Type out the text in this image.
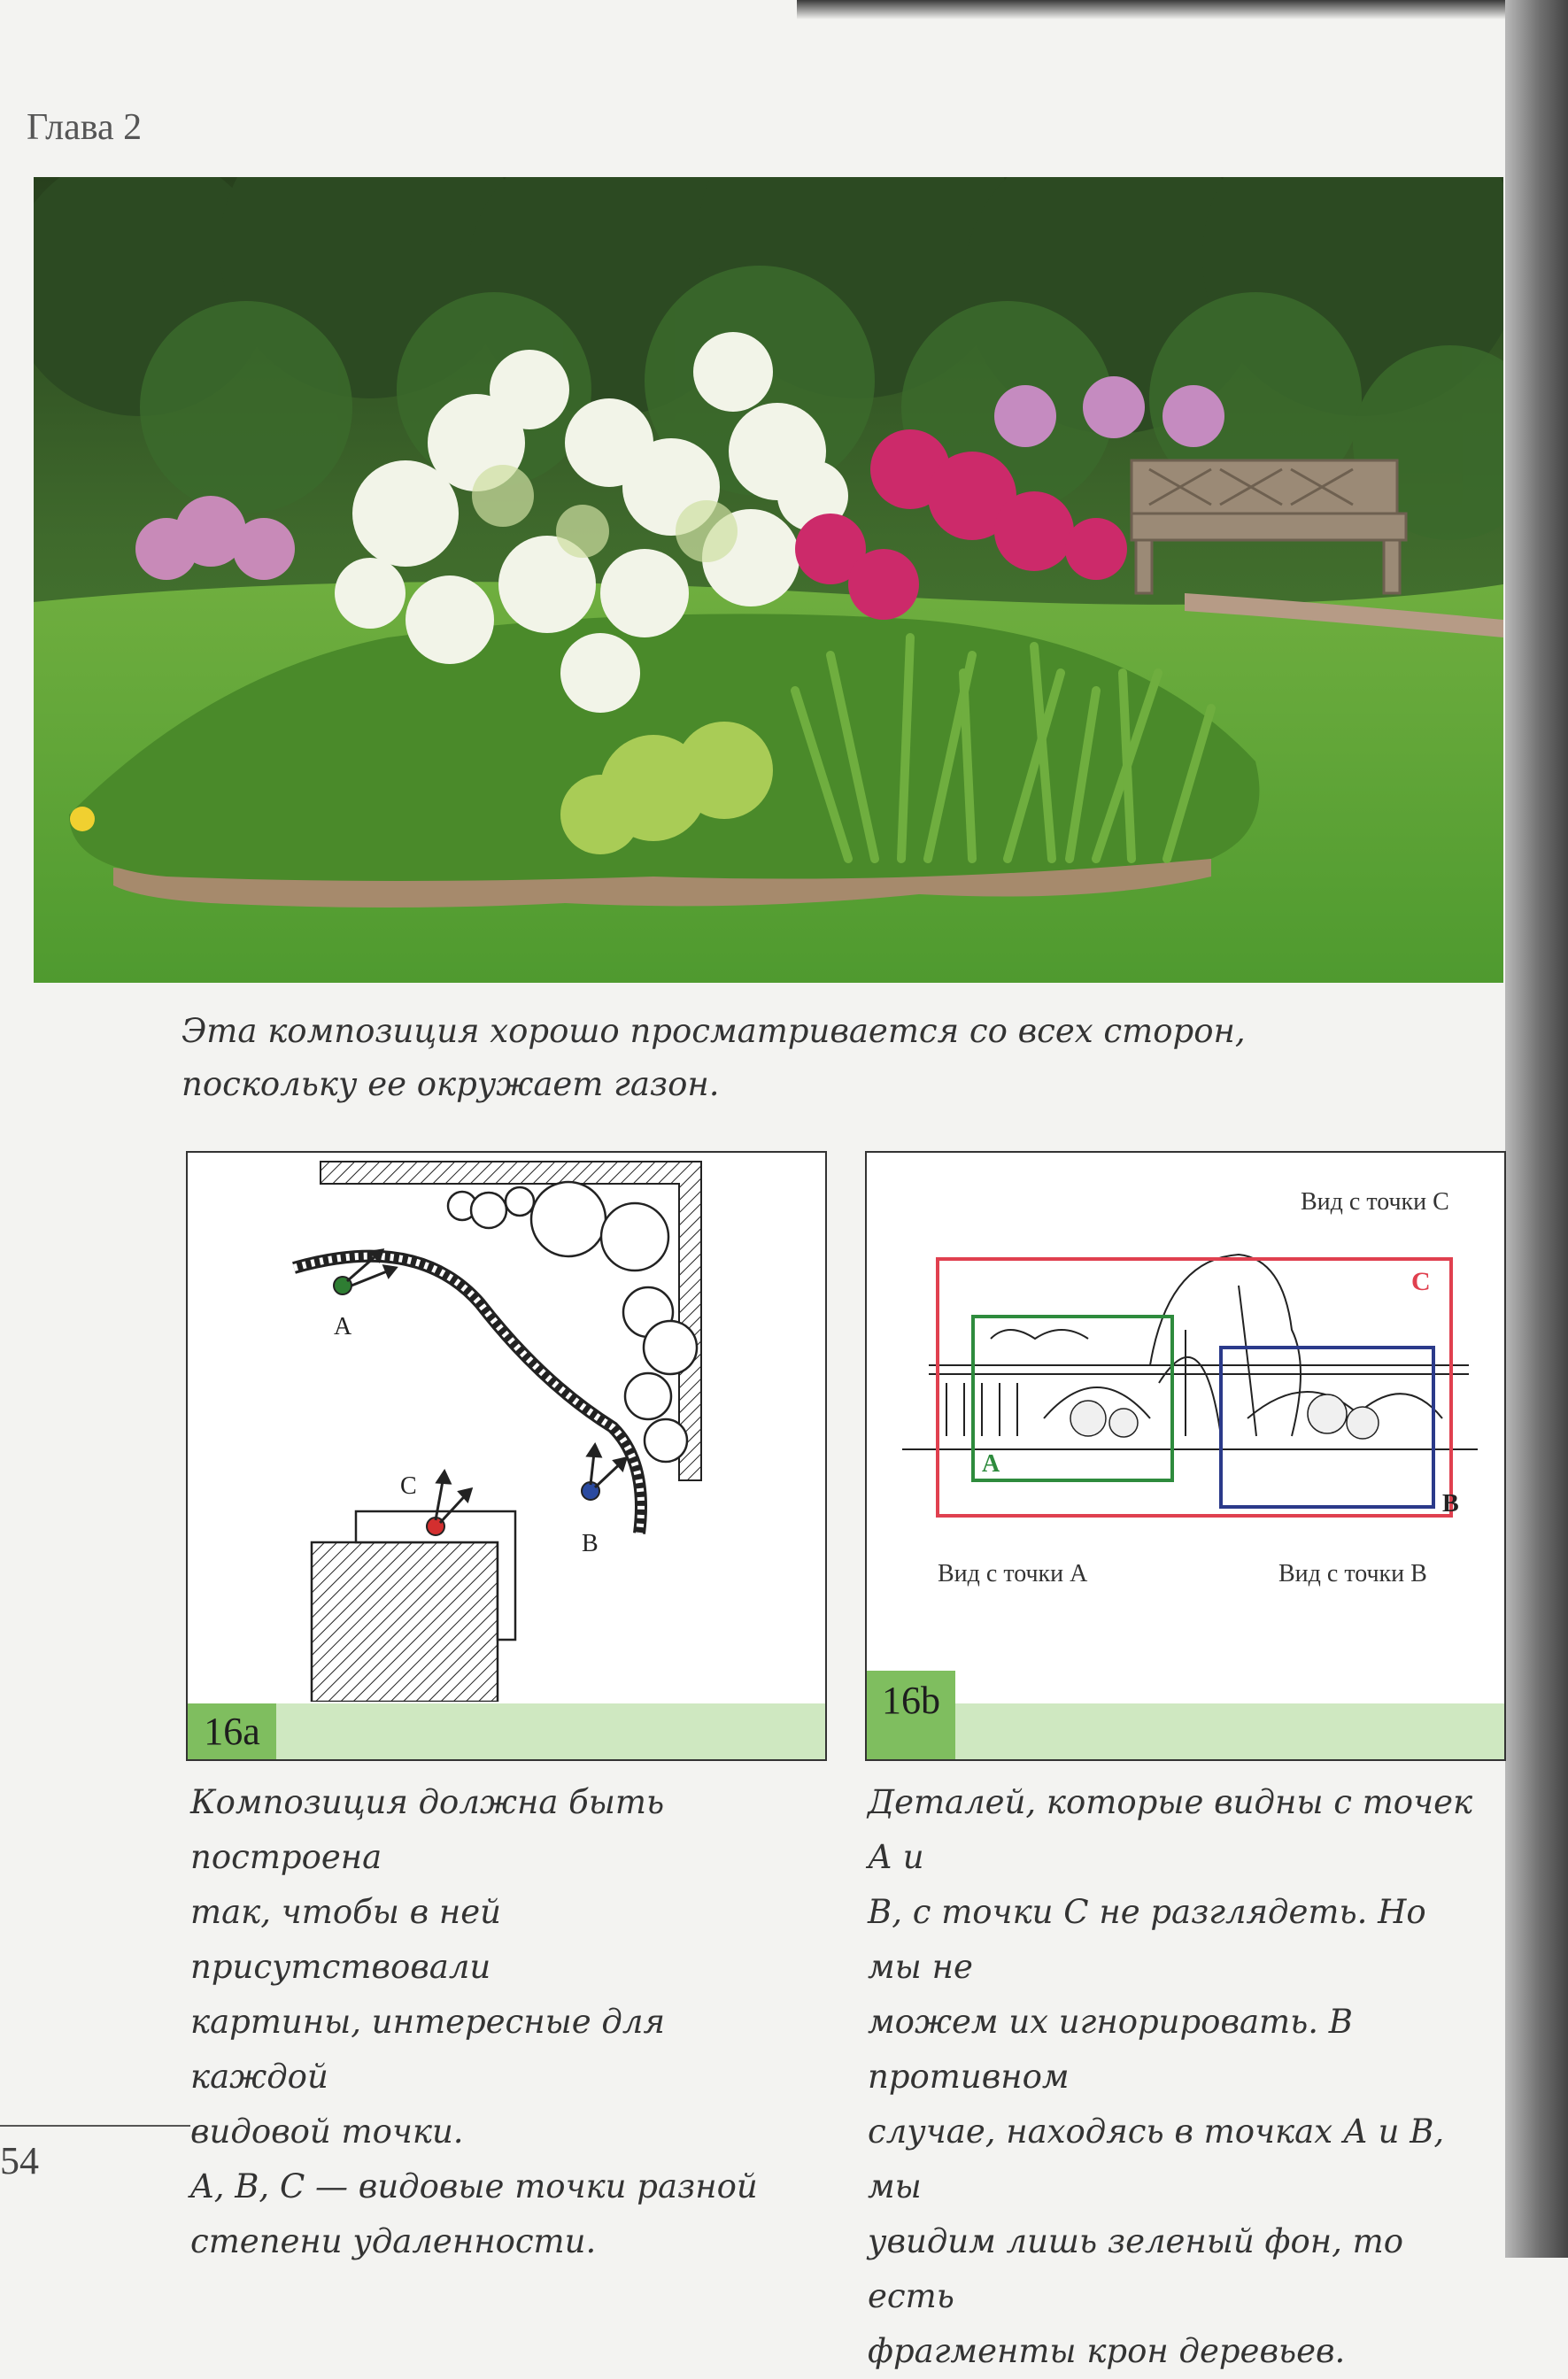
Глава 2
Эта композиция хорошо просматривается со всех сторон, поскольку ее окружает газон.
A
B
C
16a
Вид с точки С
C
A
B
Вид с точки А	Вид с точки В
16b

Композиция должна быть построена

так, чтобы в ней присутствовали

картины, интересные для каждой

видовой точки.

A, B, C — видовые точки разной

степени удаленности.

Деталей, которые видны с точек А и

В, с точки С не разглядеть. Но мы не

можем их игнорировать. В противном

случае, находясь в точках А и В, мы

увидим лишь зеленый фон, то есть

фрагменты крон деревьев.

54
